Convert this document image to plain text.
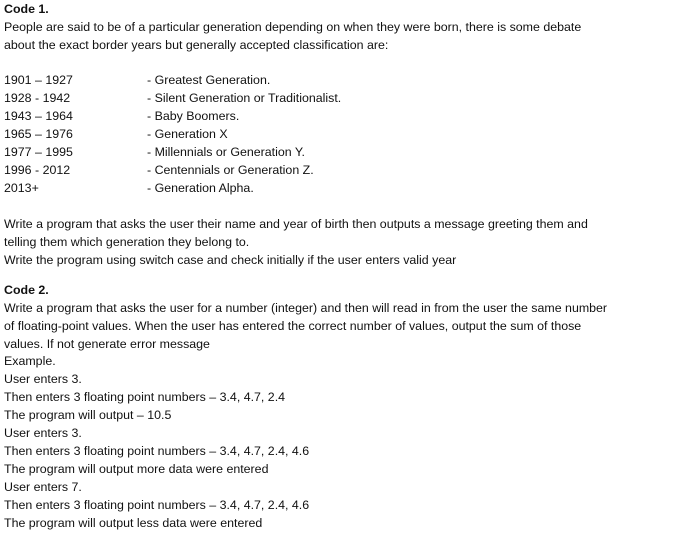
Code 1.
People are said to be of a particular generation depending on when they were born, there is some debate
about the exact border years but generally accepted classification are:
1901 – 1927	- Greatest Generation.
1928 - 1942	- Silent Generation or Traditionalist.
1943 – 1964	- Baby Boomers.
1965 – 1976	- Generation X
1977 – 1995	- Millennials or Generation Y.
1996 - 2012	- Centennials or Generation Z.
2013+	- Generation Alpha.
Write a program that asks the user their name and year of birth then outputs a message greeting them and
telling them which generation they belong to.
Write the program using switch case and check initially if the user enters valid year
Code 2.
Write a program that asks the user for a number (integer) and then will read in from the user the same number
of floating-point values. When the user has entered the correct number of values, output the sum of those
values. If not generate error message
Example.
User enters 3.
Then enters 3 floating point numbers – 3.4, 4.7, 2.4
The program will output – 10.5
User enters 3.
Then enters 3 floating point numbers – 3.4, 4.7, 2.4, 4.6
The program will output more data were entered
User enters 7.
Then enters 3 floating point numbers – 3.4, 4.7, 2.4, 4.6
The program will output less data were entered
